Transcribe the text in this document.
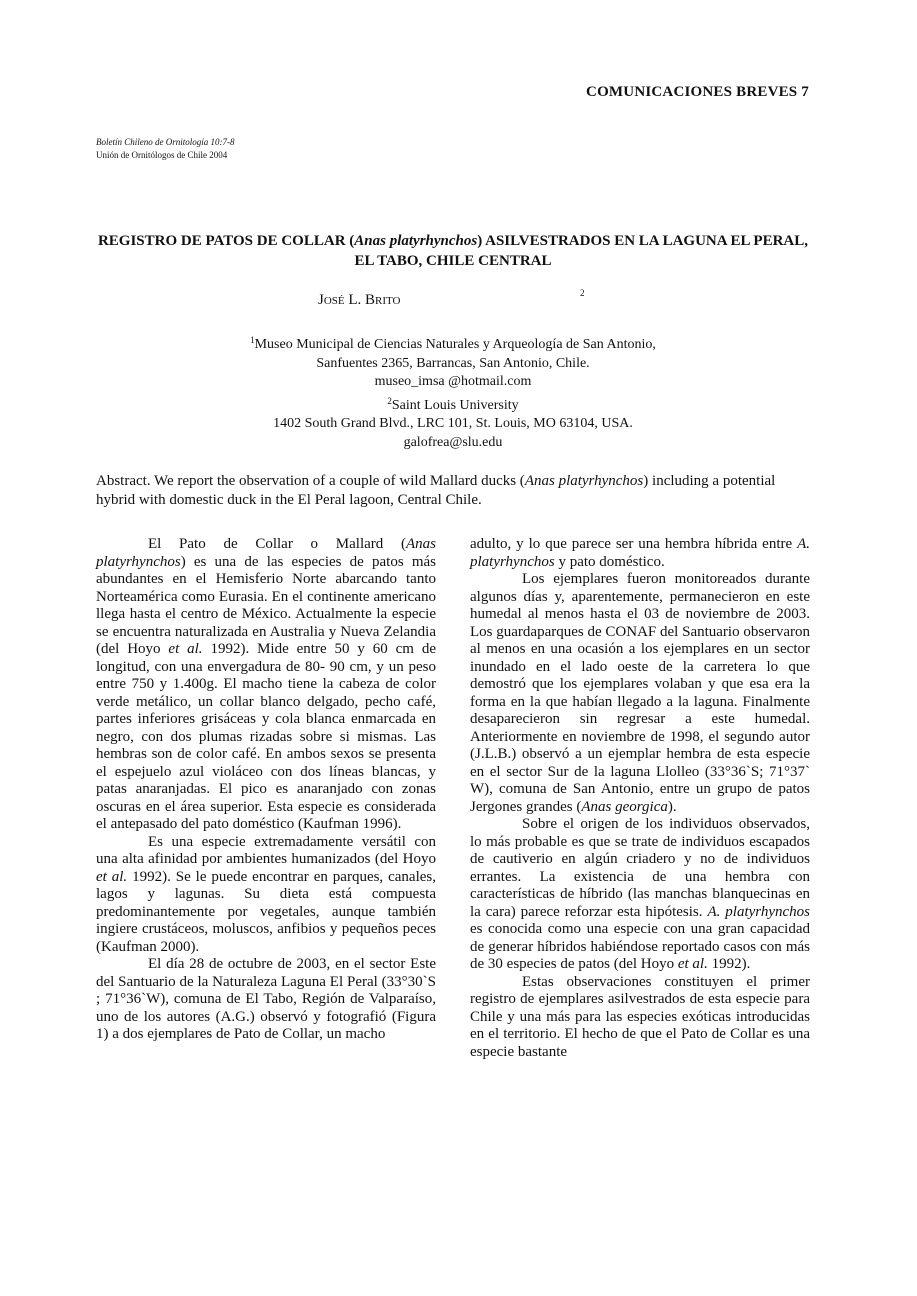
COMUNICACIONES BREVES 7
Boletín Chileno de Ornitología 10:7-8
Unión de Ornitólogos de Chile 2004
REGISTRO DE PATOS DE COLLAR (Anas platyrhynchos) ASILVESTRADOS EN LA LAGUNA EL PERAL, EL TABO, CHILE CENTRAL
José L. Brito	2
$^1$Museo Municipal de Ciencias Naturales y Arqueología de San Antonio,
Sanfuentes 2365, Barrancas, San Antonio, Chile.
museo_imsa @hotmail.com
$^2$Saint Louis University
1402 South Grand Blvd., LRC 101, St. Louis, MO 63104, USA.
galofrea@slu.edu
Abstract. We report the observation of a couple of wild Mallard ducks (Anas platyrhynchos) including a potential hybrid with domestic duck in the El Peral lagoon, Central Chile.

El Pato de Collar o Mallard (Anas platyrhynchos) es una de las especies de patos más abundantes en el Hemisferio Norte abarcando tanto Norteamérica como Eurasia. En el continente americano llega hasta el centro de México. Actualmente la especie se encuentra naturalizada en Australia y Nueva Zelandia (del Hoyo et al. 1992). Mide entre 50 y 60 cm de longitud, con una envergadura de 80- 90 cm, y un peso entre 750 y 1.400g. El macho tiene la cabeza de color verde metálico, un collar blanco delgado, pecho café, partes inferiores grisáceas y cola blanca enmarcada en negro, con dos plumas rizadas sobre si mismas. Las hembras son de color café. En ambos sexos se presenta el espejuelo azul violáceo con dos líneas blancas, y patas anaranjadas. El pico es anaranjado con zonas oscuras en el área superior. Esta especie es considerada el antepasado del pato doméstico (Kaufman 1996).

Es una especie extremadamente versátil con una alta afinidad por ambientes humanizados (del Hoyo et al. 1992). Se le puede encontrar en parques, canales, lagos y lagunas. Su dieta está compuesta predominantemente por vegetales, aunque también ingiere crustáceos, moluscos, anfibios y pequeños peces (Kaufman 2000).

El día 28 de octubre de 2003, en el sector Este del Santuario de la Naturaleza Laguna El Peral (33°30`S ; 71°36`W), comuna de El Tabo, Región de Valparaíso, uno de los autores (A.G.) observó y fotografió (Figura 1) a dos ejemplares de Pato de Collar, un macho

adulto, y lo que parece ser una hembra híbrida entre A. platyrhynchos y pato doméstico.

Los ejemplares fueron monitoreados durante algunos días y, aparentemente, permanecieron en este humedal al menos hasta el 03 de noviembre de 2003. Los guardaparques de CONAF del Santuario observaron al menos en una ocasión a los ejemplares en un sector inundado en el lado oeste de la carretera lo que demostró que los ejemplares volaban y que esa era la forma en la que habían llegado a la laguna. Finalmente desaparecieron sin regresar a este humedal. Anteriormente en noviembre de 1998, el segundo autor (J.L.B.) observó a un ejemplar hembra de esta especie en el sector Sur de la laguna Llolleo (33°36`S; 71°37` W), comuna de San Antonio, entre un grupo de patos Jergones grandes (Anas georgica).

Sobre el origen de los individuos observados, lo más probable es que se trate de individuos escapados de cautiverio en algún criadero y no de individuos errantes. La existencia de una hembra con características de híbrido (las manchas blanquecinas en la cara) parece reforzar esta hipótesis. A. platyrhynchos es conocida como una especie con una gran capacidad de generar híbridos habiéndose reportado casos con más de 30 especies de patos (del Hoyo et al. 1992).

Estas observaciones constituyen el primer registro de ejemplares asilvestrados de esta especie para Chile y una más para las especies exóticas introducidas en el territorio. El hecho de que el Pato de Collar es una especie bastante
